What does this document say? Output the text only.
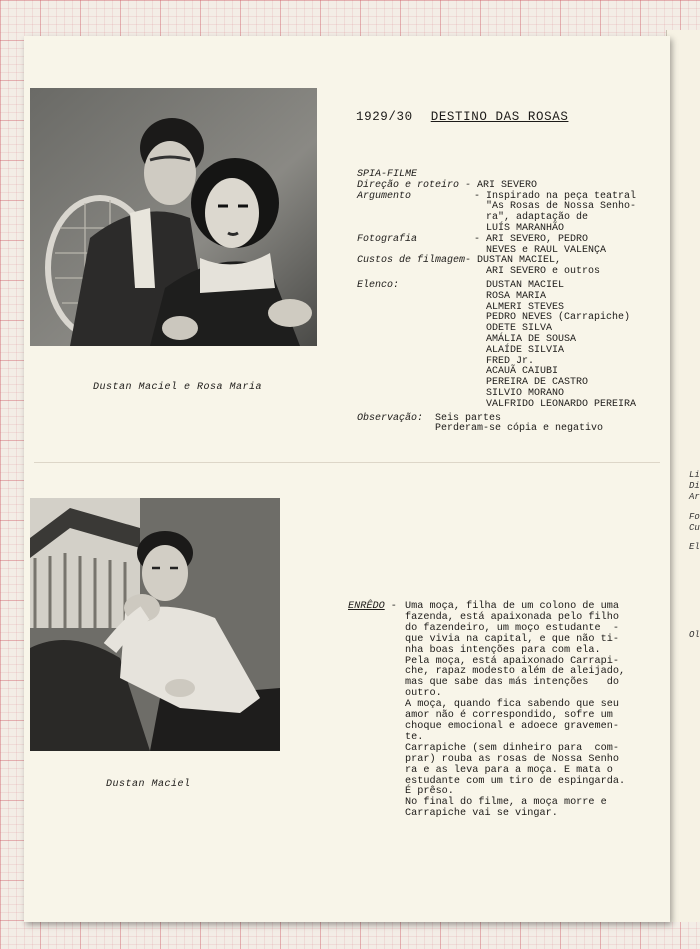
Li
Di
Ar
Fo
Cu
El
Ol
Dustan Maciel e Rosa Maria
Dustan Maciel
1929/30 DESTINO DAS ROSAS
SPIA-FILME
Direção e roteiro - ARI SEVERO
Argumento - Inspirado na peça teatral
"As Rosas de Nossa Senho-
ra", adaptação de
LUÍS MARANHÃO
Fotografia - ARI SEVERO, PEDRO
NEVES e RAUL VALENÇA
Custos de filmagem - DUSTAN MACIEL,
ARI SEVERO e outros
Elenco:	DUSTAN MACIEL
ROSA MARIA
ALMERI STEVES
PEDRO NEVES (Carrapiche)
ODETE SILVA
AMÁLIA DE SOUSA
ALAÍDE SILVIA
FRED Jr.
ACAUÃ CAIUBI
PEREIRA DE CASTRO
SILVIO MORANO
VALFRIDO LEONARDO PEREIRA
Observação:	Seis partes
Perderam-se cópia e negativo
ENRÊDO - Uma moça, filha de um colono de uma
fazenda, está apaixonada pelo filho
do fazendeiro, um moço estudante  -
que vivia na capital, e que não ti-
nha boas intenções para com ela.
Pela moça, está apaixonado Carrapi-
che, rapaz modesto além de aleijado,
mas que sabe das más intenções   do
outro.
A moça, quando fica sabendo que seu
amor não é correspondido, sofre um
choque emocional e adoece gravemen-
te.
Carrapiche (sem dinheiro para  com-
prar) rouba as rosas de Nossa Senho
ra e as leva para a moça. E mata o
estudante com um tiro de espingarda.
É prêso.
No final do filme, a moça morre e
Carrapiche vai se vingar.
